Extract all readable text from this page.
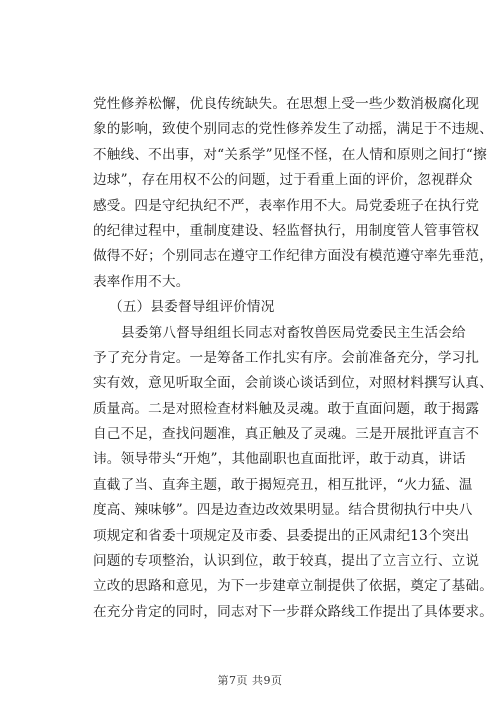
党性修养松懈，优良传统缺失。在思想上受一些少数消极腐化现
象的影响，致使个别同志的党性修养发生了动摇，满足于不违规、
不触线、不出事，对“关系学”见怪不怪，在人情和原则之间打“擦
边球”，存在用权不公的问题，过于看重上面的评价，忽视群众
感受。四是守纪执纪不严，表率作用不大。局党委班子在执行党
的纪律过程中，重制度建设、轻监督执行，用制度管人管事管权
做得不好；个别同志在遵守工作纪律方面没有模范遵守率先垂范，
表率作用不大。
（五）县委督导组评价情况
县委第八督导组组长同志对畜牧兽医局党委民主生活会给
予了充分肯定。一是筹备工作扎实有序。会前准备充分，学习扎
实有效，意见听取全面，会前谈心谈话到位，对照材料撰写认真、
质量高。二是对照检查材料触及灵魂。敢于直面问题，敢于揭露
自己不足，查找问题准，真正触及了灵魂。三是开展批评直言不
讳。领导带头“开炮”，其他副职也直面批评，敢于动真，讲话
直截了当、直奔主题，敢于揭短亮丑，相互批评，“火力猛、温
度高、辣味够”。四是边查边改效果明显。结合贯彻执行中央八
项规定和省委十项规定及市委、县委提出的正风肃纪13个突出
问题的专项整治，认识到位，敢于较真，提出了立言立行、立说
立改的思路和意见，为下一步建章立制提供了依据，奠定了基础。
在充分肯定的同时，同志对下一步群众路线工作提出了具体要求。
第7页 共9页
